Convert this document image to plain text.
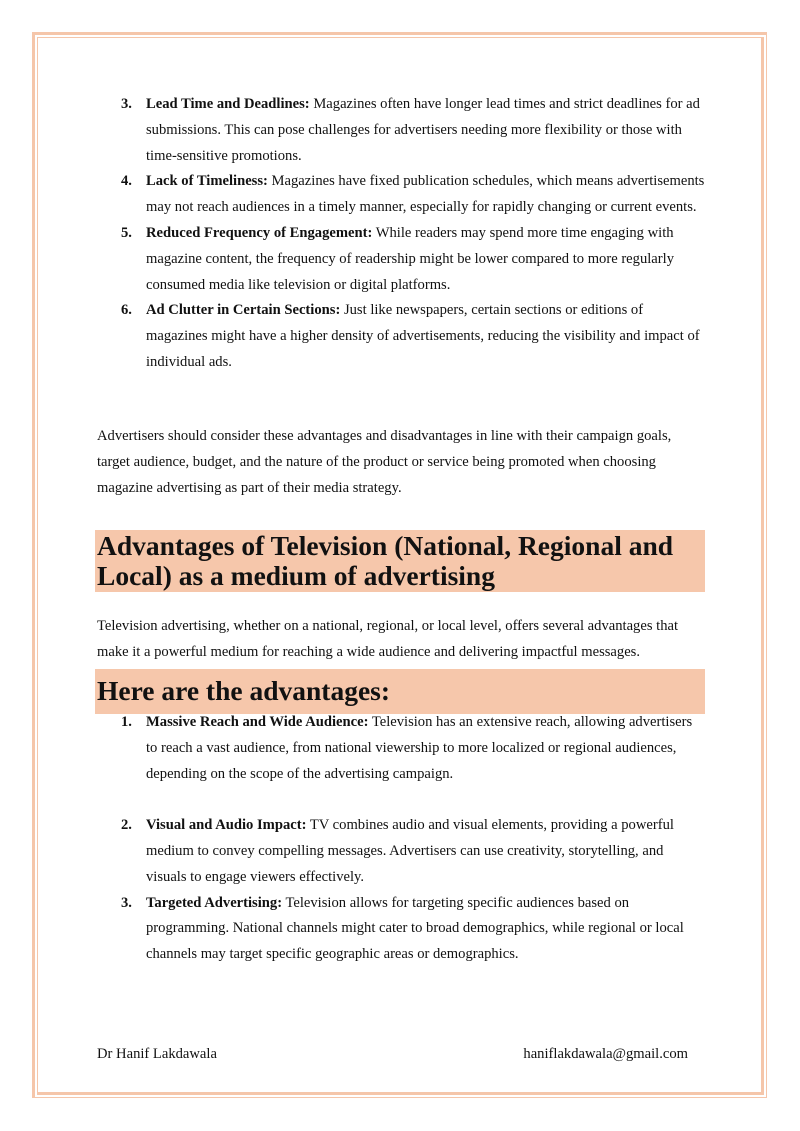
3. Lead Time and Deadlines: Magazines often have longer lead times and strict deadlines for ad submissions. This can pose challenges for advertisers needing more flexibility or those with time-sensitive promotions.
4. Lack of Timeliness: Magazines have fixed publication schedules, which means advertisements may not reach audiences in a timely manner, especially for rapidly changing or current events.
5. Reduced Frequency of Engagement: While readers may spend more time engaging with magazine content, the frequency of readership might be lower compared to more regularly consumed media like television or digital platforms.
6. Ad Clutter in Certain Sections: Just like newspapers, certain sections or editions of magazines might have a higher density of advertisements, reducing the visibility and impact of individual ads.

Advertisers should consider these advantages and disadvantages in line with their campaign goals, target audience, budget, and the nature of the product or service being promoted when choosing magazine advertising as part of their media strategy.

Advantages of Television (National, Regional and Local) as a medium of advertising

Television advertising, whether on a national, regional, or local level, offers several advantages that make it a powerful medium for reaching a wide audience and delivering impactful messages.

Here are the advantages:
1. Massive Reach and Wide Audience: Television has an extensive reach, allowing advertisers to reach a vast audience, from national viewership to more localized or regional audiences, depending on the scope of the advertising campaign.
2. Visual and Audio Impact: TV combines audio and visual elements, providing a powerful medium to convey compelling messages. Advertisers can use creativity, storytelling, and visuals to engage viewers effectively.
3. Targeted Advertising: Television allows for targeting specific audiences based on programming. National channels might cater to broad demographics, while regional or local channels may target specific geographic areas or demographics.
Dr Hanif Lakdawala	haniflakdawala@gmail.com
